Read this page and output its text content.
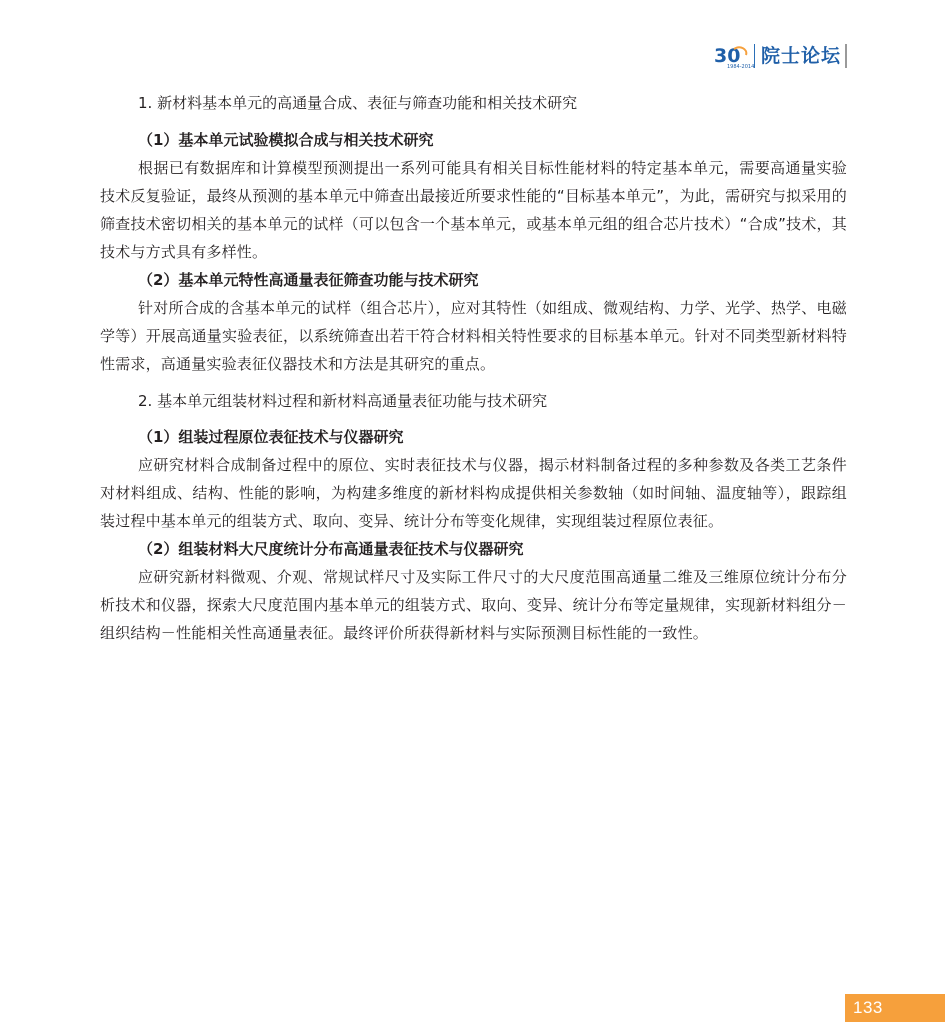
30
1984-2014
院士论坛
1. 新材料基本单元的高通量合成、表征与筛查功能和相关技术研究
（1）基本单元试验模拟合成与相关技术研究

根据已有数据库和计算模型预测提出一系列可能具有相关目标性能材料的特定基本单元，需要高通量实验技术反复验证，最终从预测的基本单元中筛查出最接近所要求性能的“目标基本单元”，为此，需研究与拟采用的筛查技术密切相关的基本单元的试样（可以包含一个基本单元，或基本单元组的组合芯片技术）“合成”技术，其技术与方式具有多样性。

（2）基本单元特性高通量表征筛查功能与技术研究

针对所合成的含基本单元的试样（组合芯片），应对其特性（如组成、微观结构、力学、光学、热学、电磁学等）开展高通量实验表征，以系统筛查出若干符合材料相关特性要求的目标基本单元。针对不同类型新材料特性需求，高通量实验表征仪器技术和方法是其研究的重点。

2. 基本单元组装材料过程和新材料高通量表征功能与技术研究
（1）组装过程原位表征技术与仪器研究

应研究材料合成制备过程中的原位、实时表征技术与仪器，揭示材料制备过程的多种参数及各类工艺条件对材料组成、结构、性能的影响，为构建多维度的新材料构成提供相关参数轴（如时间轴、温度轴等），跟踪组装过程中基本单元的组装方式、取向、变异、统计分布等变化规律，实现组装过程原位表征。

（2）组装材料大尺度统计分布高通量表征技术与仪器研究

应研究新材料微观、介观、常规试样尺寸及实际工件尺寸的大尺度范围高通量二维及三维原位统计分布分析技术和仪器，探索大尺度范围内基本单元的组装方式、取向、变异、统计分布等定量规律，实现新材料组分－组织结构－性能相关性高通量表征。最终评价所获得新材料与实际预测目标性能的一致性。

133
